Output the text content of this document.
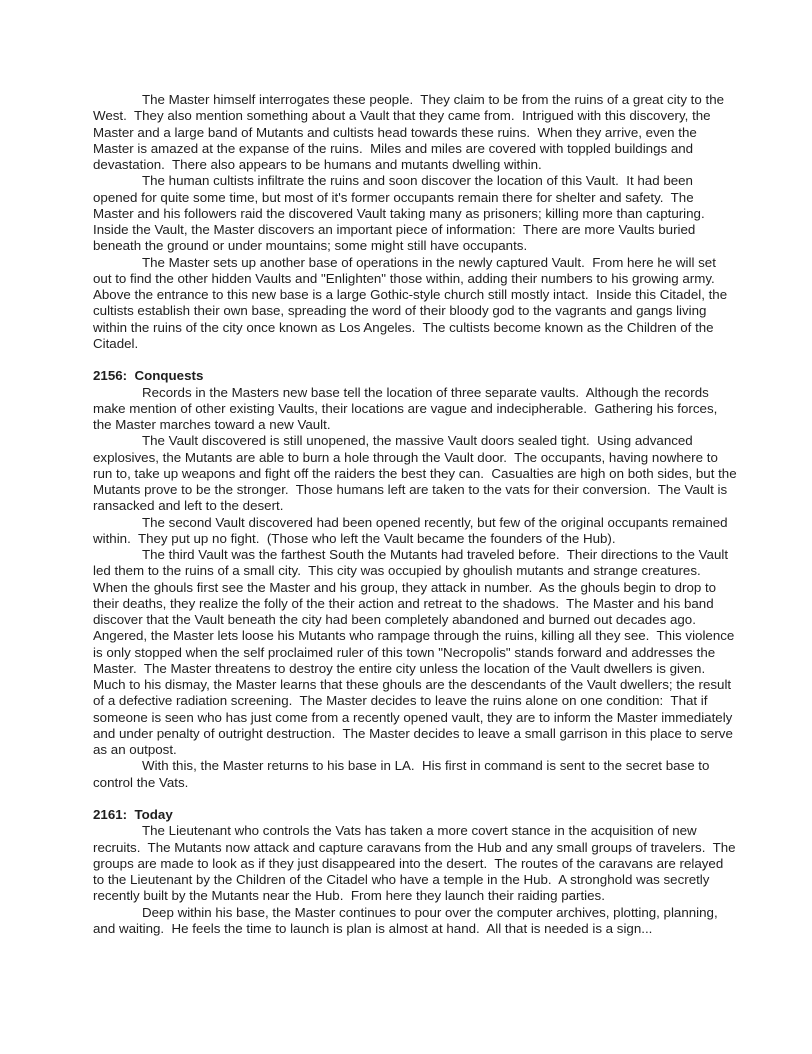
The Master himself interrogates these people.  They claim to be from the ruins of a great city to the West.  They also mention something about a Vault that they came from.  Intrigued with this discovery, the Master and a large band of Mutants and cultists head towards these ruins.  When they arrive, even the Master is amazed at the expanse of the ruins.  Miles and miles are covered with toppled buildings and devastation.  There also appears to be humans and mutants dwelling within.

The human cultists infiltrate the ruins and soon discover the location of this Vault.  It had been opened for quite some time, but most of it's former occupants remain there for shelter and safety.  The Master and his followers raid the discovered Vault taking many as prisoners; killing more than capturing.  Inside the Vault, the Master discovers an important piece of information:  There are more Vaults buried beneath the ground or under mountains; some might still have occupants.

The Master sets up another base of operations in the newly captured Vault.  From here he will set out to find the other hidden Vaults and "Enlighten" those within, adding their numbers to his growing army.  Above the entrance to this new base is a large Gothic-style church still mostly intact.  Inside this Citadel, the cultists establish their own base, spreading the word of their bloody god to the vagrants and gangs living within the ruins of the city once known as Los Angeles.  The cultists become known as the Children of the Citadel.

2156:  Conquests

Records in the Masters new base tell the location of three separate vaults.  Although the records make mention of other existing Vaults, their locations are vague and indecipherable.  Gathering his forces, the Master marches toward a new Vault.

The Vault discovered is still unopened, the massive Vault doors sealed tight.  Using advanced explosives, the Mutants are able to burn a hole through the Vault door.  The occupants, having nowhere to run to, take up weapons and fight off the raiders the best they can.  Casualties are high on both sides, but the Mutants prove to be the stronger.  Those humans left are taken to the vats for their conversion.  The Vault is ransacked and left to the desert.

The second Vault discovered had been opened recently, but few of the original occupants remained within.  They put up no fight.  (Those who left the Vault became the founders of the Hub).

The third Vault was the farthest South the Mutants had traveled before.  Their directions to the Vault led them to the ruins of a small city.  This city was occupied by ghoulish mutants and strange creatures.  When the ghouls first see the Master and his group, they attack in number.  As the ghouls begin to drop to their deaths, they realize the folly of the their action and retreat to the shadows.  The Master and his band discover that the Vault beneath the city had been completely abandoned and burned out decades ago.  Angered, the Master lets loose his Mutants who rampage through the ruins, killing all they see.  This violence is only stopped when the self proclaimed ruler of this town "Necropolis" stands forward and addresses the Master.  The Master threatens to destroy the entire city unless the location of the Vault dwellers is given.  Much to his dismay, the Master learns that these ghouls are the descendants of the Vault dwellers; the result of a defective radiation screening.  The Master decides to leave the ruins alone on one condition:  That if someone is seen who has just come from a recently opened vault, they are to inform the Master immediately and under penalty of outright destruction.  The Master decides to leave a small garrison in this place to serve as an outpost.

With this, the Master returns to his base in LA.  His first in command is sent to the secret base to control the Vats.

2161:  Today

The Lieutenant who controls the Vats has taken a more covert stance in the acquisition of new recruits.  The Mutants now attack and capture caravans from the Hub and any small groups of travelers.  The groups are made to look as if they just disappeared into the desert.  The routes of the caravans are relayed to the Lieutenant by the Children of the Citadel who have a temple in the Hub.  A stronghold was secretly recently built by the Mutants near the Hub.  From here they launch their raiding parties.

Deep within his base, the Master continues to pour over the computer archives, plotting, planning, and waiting.  He feels the time to launch is plan is almost at hand.  All that is needed is a sign...
